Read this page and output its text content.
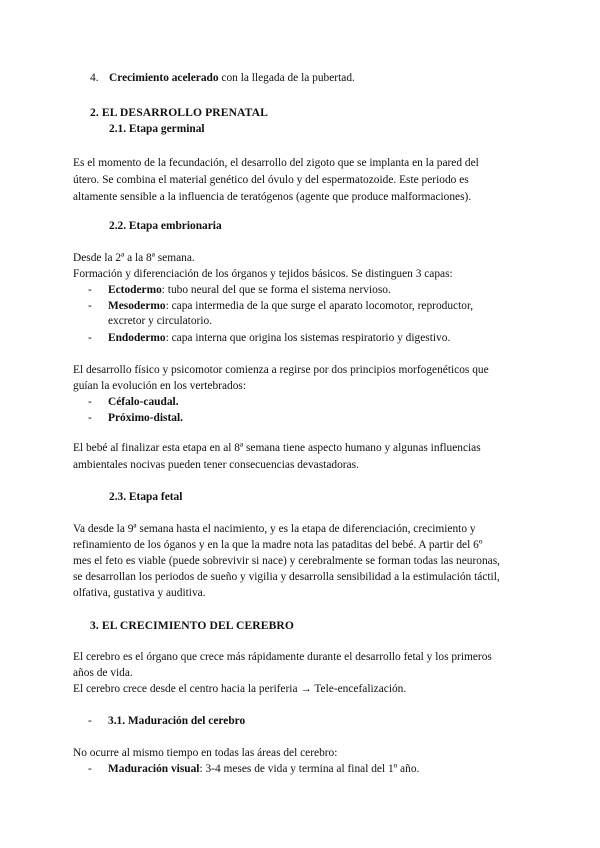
4. Crecimiento acelerado con la llegada de la pubertad.
2. EL DESARROLLO PRENATAL
2.1. Etapa germinal
Es el momento de la fecundación, el desarrollo del zigoto que se implanta en la pared del
útero. Se combina el material genético del óvulo y del espermatozoide. Este periodo es
altamente sensible a la influencia de teratógenos (agente que produce malformaciones).
2.2. Etapa embrionaria
Desde la 2ª a la 8ª semana.
Formación y diferenciación de los órganos y tejidos básicos. Se distinguen 3 capas:
- Ectodermo: tubo neural del que se forma el sistema nervioso.
- Mesodermo: capa intermedia de la que surge el aparato locomotor, reproductor,
excretor y circulatorio.
- Endodermo: capa interna que origina los sistemas respiratorio y digestivo.
El desarrollo físico y psicomotor comienza a regirse por dos principios morfogenéticos que
guían la evolución en los vertebrados:
- Céfalo-caudal.
- Próximo-distal.
El bebé al finalizar esta etapa en al 8ª semana tiene aspecto humano y algunas influencias
ambientales nocivas pueden tener consecuencias devastadoras.
2.3. Etapa fetal
Va desde la 9ª semana hasta el nacimiento, y es la etapa de diferenciación, crecimiento y
refinamiento de los óganos y en la que la madre nota las pataditas del bebé. A partir del 6º
mes el feto es viable (puede sobrevivir si nace) y cerebralmente se forman todas las neuronas,
se desarrollan los periodos de sueño y vigilia y desarrolla sensibilidad a la estimulación táctil,
olfativa, gustativa y auditiva.
3. EL CRECIMIENTO DEL CEREBRO
El cerebro es el órgano que crece más rápidamente durante el desarrollo fetal y los primeros
años de vida.
El cerebro crece desde el centro hacia la periferia → Tele-encefalización.
- 3.1. Maduración del cerebro
No ocurre al mismo tiempo en todas las áreas del cerebro:
- Maduración visual: 3-4 meses de vida y termina al final del 1º año.
